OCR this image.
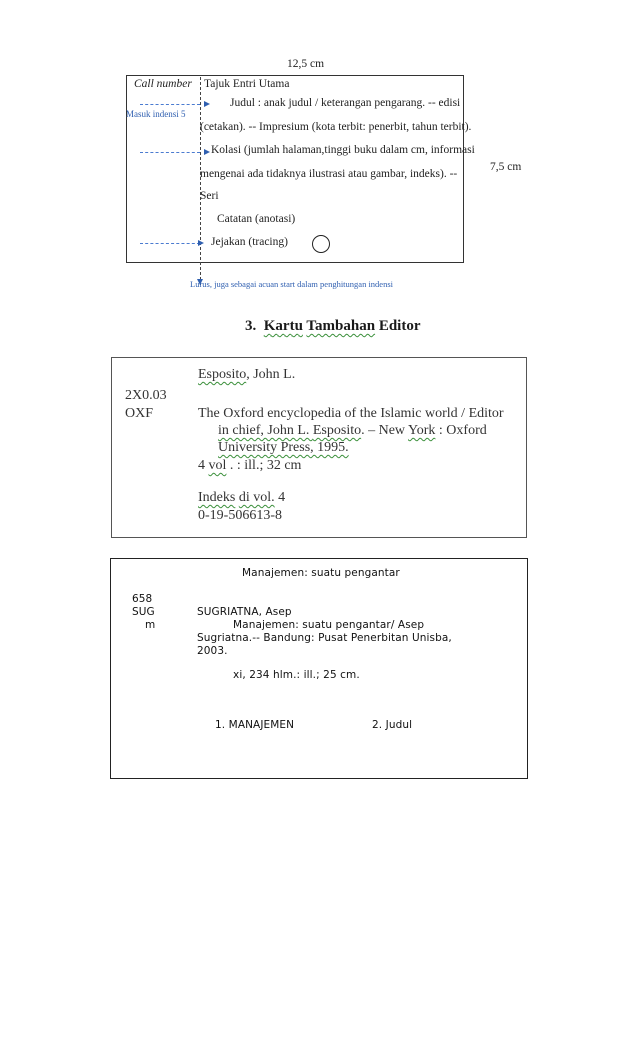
12,5 cm
7,5 cm
Call number Tajuk Entri Utama
Masuk indensi 5
Judul : anak judul / keterangan pengarang. -- edisi
(cetakan). -- Impresium (kota terbit: penerbit, tahun terbit).
Kolasi (jumlah halaman,tinggi buku dalam cm, informasi
mengenai ada tidaknya ilustrasi atau gambar, indeks). --
Seri
Catatan (anotasi)
Jejakan (tracing)
Lurus, juga sebagai acuan start dalam penghitungan indensi
3. Kartu Tambahan Editor
Esposito, John L.
2X0.03
OXF	The Oxford encyclopedia of the Islamic world / Editor
in chief, John L. Esposito. – New York : Oxford
University Press, 1995.
4 vol . : ill.; 32 cm
Indeks di vol. 4
0-19-506613-8
Manajemen: suatu pengantar
658
SUG
m
SUGRIATNA, Asep
Manajemen: suatu pengantar/ Asep
Sugriatna.-- Bandung: Pusat Penerbitan Unisba,
2003.
xi, 234 hlm.: ill.; 25 cm.
1. MANAJEMEN	2. Judul
